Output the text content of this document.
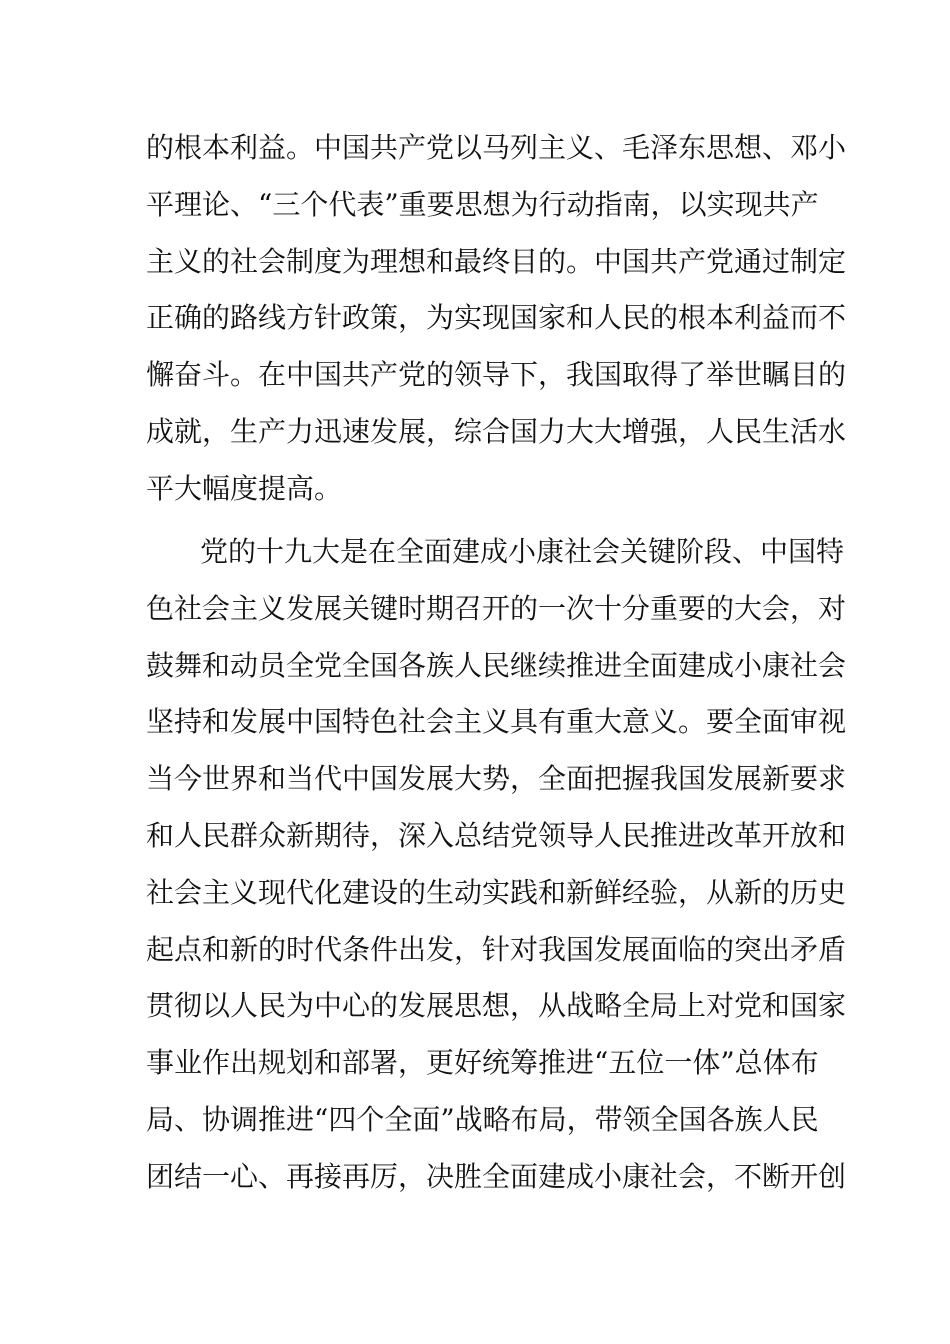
的根本利益。中国共产党以马列主义、毛泽东思想、邓小
平理论、“三个代表”重要思想为行动指南，以实现共产
主义的社会制度为理想和最终目的。中国共产党通过制定
正确的路线方针政策，为实现国家和人民的根本利益而不
懈奋斗。在中国共产党的领导下，我国取得了举世瞩目的
成就，生产力迅速发展，综合国力大大增强，人民生活水
平大幅度提高。
党的十九大是在全面建成小康社会关键阶段、中国特
色社会主义发展关键时期召开的一次十分重要的大会，对
鼓舞和动员全党全国各族人民继续推进全面建成小康社会
坚持和发展中国特色社会主义具有重大意义。要全面审视
当今世界和当代中国发展大势，全面把握我国发展新要求
和人民群众新期待，深入总结党领导人民推进改革开放和
社会主义现代化建设的生动实践和新鲜经验，从新的历史
起点和新的时代条件出发，针对我国发展面临的突出矛盾
贯彻以人民为中心的发展思想，从战略全局上对党和国家
事业作出规划和部署，更好统筹推进“五位一体”总体布
局、协调推进“四个全面”战略布局，带领全国各族人民
团结一心、再接再厉，决胜全面建成小康社会，不断开创
